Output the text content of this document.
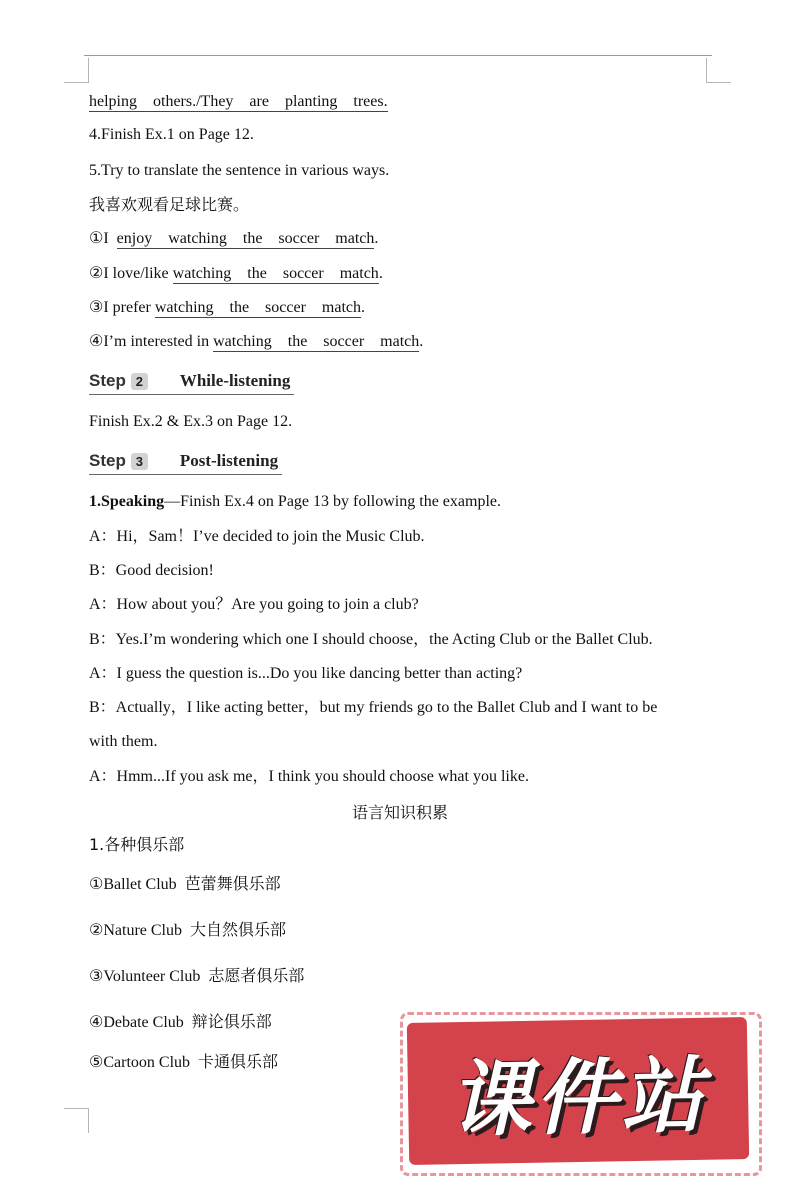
helping others./They are planting trees.
4.Finish Ex.1 on Page 12.
5.Try to translate the sentence in various ways.
我喜欢观看足球比赛。
①I enjoy watching the soccer match.
②I love/like watching the soccer match.
③I prefer watching the soccer match.
④I’m interested in watching the soccer match.
Step 2 While-listening
Finish Ex.2 & Ex.3 on Page 12.
Step 3 Post-listening
1.Speaking—Finish Ex.4 on Page 13 by following the example.
A：Hi，Sam！I’ve decided to join the Music Club.
B：Good decision!
A：How about you？Are you going to join a club?
B：Yes.I’m wondering which one I should choose，the Acting Club or the Ballet Club.
A：I guess the question is...Do you like dancing better than acting?
B：Actually，I like acting better，but my friends go to the Ballet Club and I want to be
with them.
A：Hmm...If you ask me，I think you should choose what you like.
语言知识积累
1.各种俱乐部
①Ballet Club 芭蕾舞俱乐部
②Nature Club 大自然俱乐部
③Volunteer Club 志愿者俱乐部
④Debate Club 辩论俱乐部
⑤Cartoon Club 卡通俱乐部	课件站
